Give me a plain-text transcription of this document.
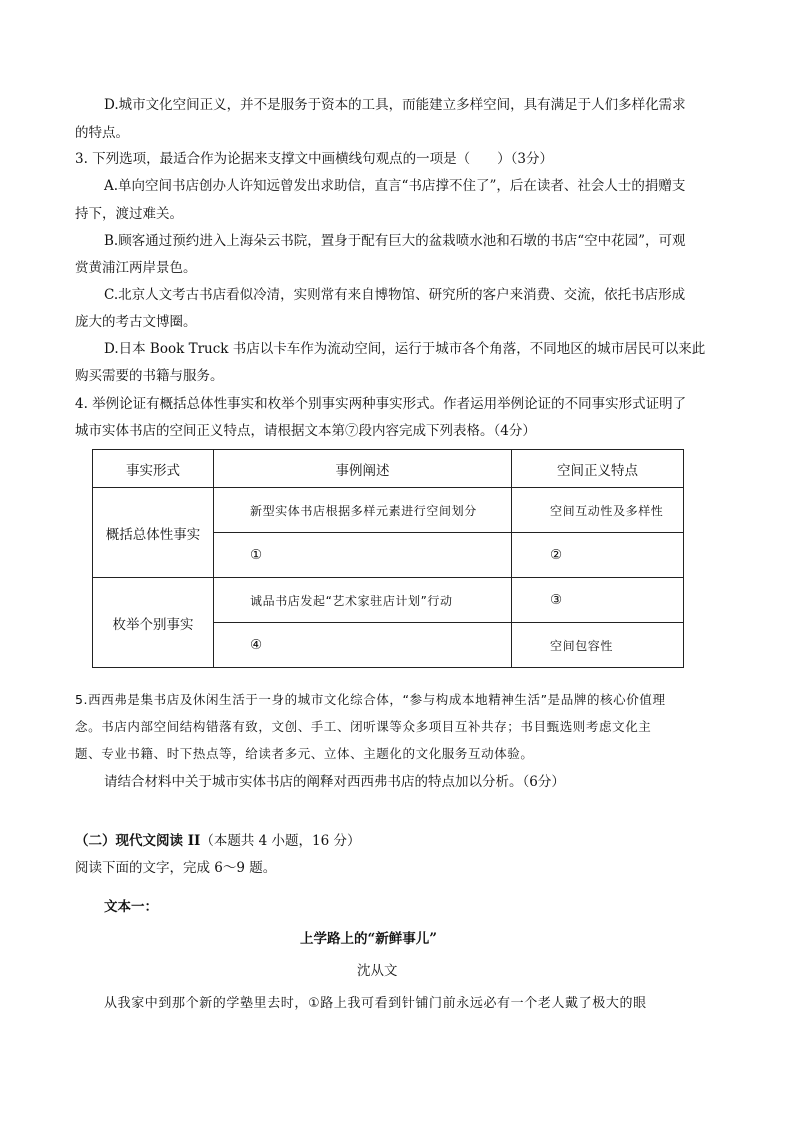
D.城市文化空间正义，并不是服务于资本的工具，而能建立多样空间，具有满足于人们多样化需求
的特点。
3. 下列选项，最适合作为论据来支撑文中画横线句观点的一项是（　　）（3分）
A.单向空间书店创办人许知远曾发出求助信，直言“书店撑不住了”，后在读者、社会人士的捐赠支
持下，渡过难关。
B.顾客通过预约进入上海朵云书院，置身于配有巨大的盆栽喷水池和石墩的书店“空中花园”，可观
赏黄浦江两岸景色。
C.北京人文考古书店看似冷清，实则常有来自博物馆、研究所的客户来消费、交流，依托书店形成
庞大的考古文博圈。
D.日本 Book Truck 书店以卡车作为流动空间，运行于城市各个角落，不同地区的城市居民可以来此
购买需要的书籍与服务。
4. 举例论证有概括总体性事实和枚举个别事实两种事实形式。作者运用举例论证的不同事实形式证明了
城市实体书店的空间正义特点，请根据文本第⑦段内容完成下列表格。（4分）
事实形式	事例阐述	空间正义特点
概括总体性事实	新型实体书店根据多样元素进行空间划分	空间互动性及多样性
	①	②
枚举个别事实	诚品书店发起“艺术家驻店计划”行动	③
	④	空间包容性
5.西西弗是集书店及休闲生活于一身的城市文化综合体，“参与构成本地精神生活”是品牌的核心价值理
念。书店内部空间结构错落有致，文创、手工、闭听课等众多项目互补共存；书目甄选则考虑文化主
题、专业书籍、时下热点等，给读者多元、立体、主题化的文化服务互动体验。
请结合材料中关于城市实体书店的阐释对西西弗书店的特点加以分析。（6分）
（二）现代文阅读 II（本题共 4 小题，16 分）
阅读下面的文字，完成 6～9 题。
文本一：
上学路上的“新鲜事儿”
沈从文
从我家中到那个新的学塾里去时，①路上我可看到针铺门前永远必有一个老人戴了极大的眼
